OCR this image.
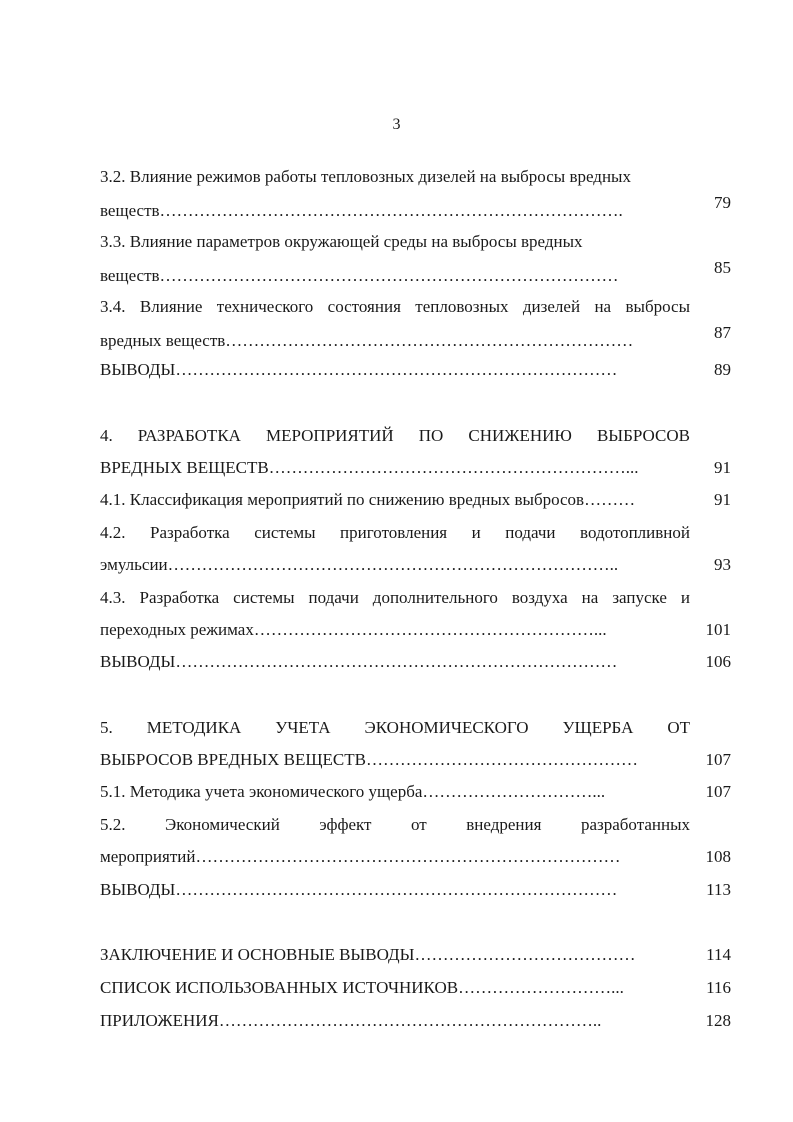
3
3.2. Влияние режимов работы тепловозных дизелей на выбросы вредных
веществ……………………………………………………………………….	79
3.3. Влияние параметров окружающей среды на выбросы вредных
веществ………………………………………………………………………	85
3.4. Влияние технического состояния тепловозных дизелей на выбросы
вредных веществ………………………………………………………………	87
ВЫВОДЫ……………………………………………………………………	89
4. РАЗРАБОТКА МЕРОПРИЯТИЙ ПО СНИЖЕНИЮ ВЫБРОСОВ
ВРЕДНЫХ ВЕЩЕСТВ………………………………………………………...	91
4.1. Классификация мероприятий по снижению вредных выбросов………	91
4.2. Разработка системы приготовления и подачи водотопливной
эмульсии……………………………………………………………………..	93
4.3. Разработка системы подачи дополнительного воздуха на запуске и
переходных режимах……………………………………………………...	101
ВЫВОДЫ……………………………………………………………………	106
5. МЕТОДИКА УЧЕТА ЭКОНОМИЧЕСКОГО УЩЕРБА ОТ
ВЫБРОСОВ ВРЕДНЫХ ВЕЩЕСТВ…………………………………………	107
5.1. Методика учета экономического ущерба…………………………...	107
5.2. Экономический эффект от внедрения разработанных
мероприятий…………………………………………………………………	108
ВЫВОДЫ……………………………………………………………………	113
ЗАКЛЮЧЕНИЕ И ОСНОВНЫЕ ВЫВОДЫ…………………………………	114
СПИСОК ИСПОЛЬЗОВАННЫХ ИСТОЧНИКОВ………………………...	116
ПРИЛОЖЕНИЯ…………………………………………………………..	128
